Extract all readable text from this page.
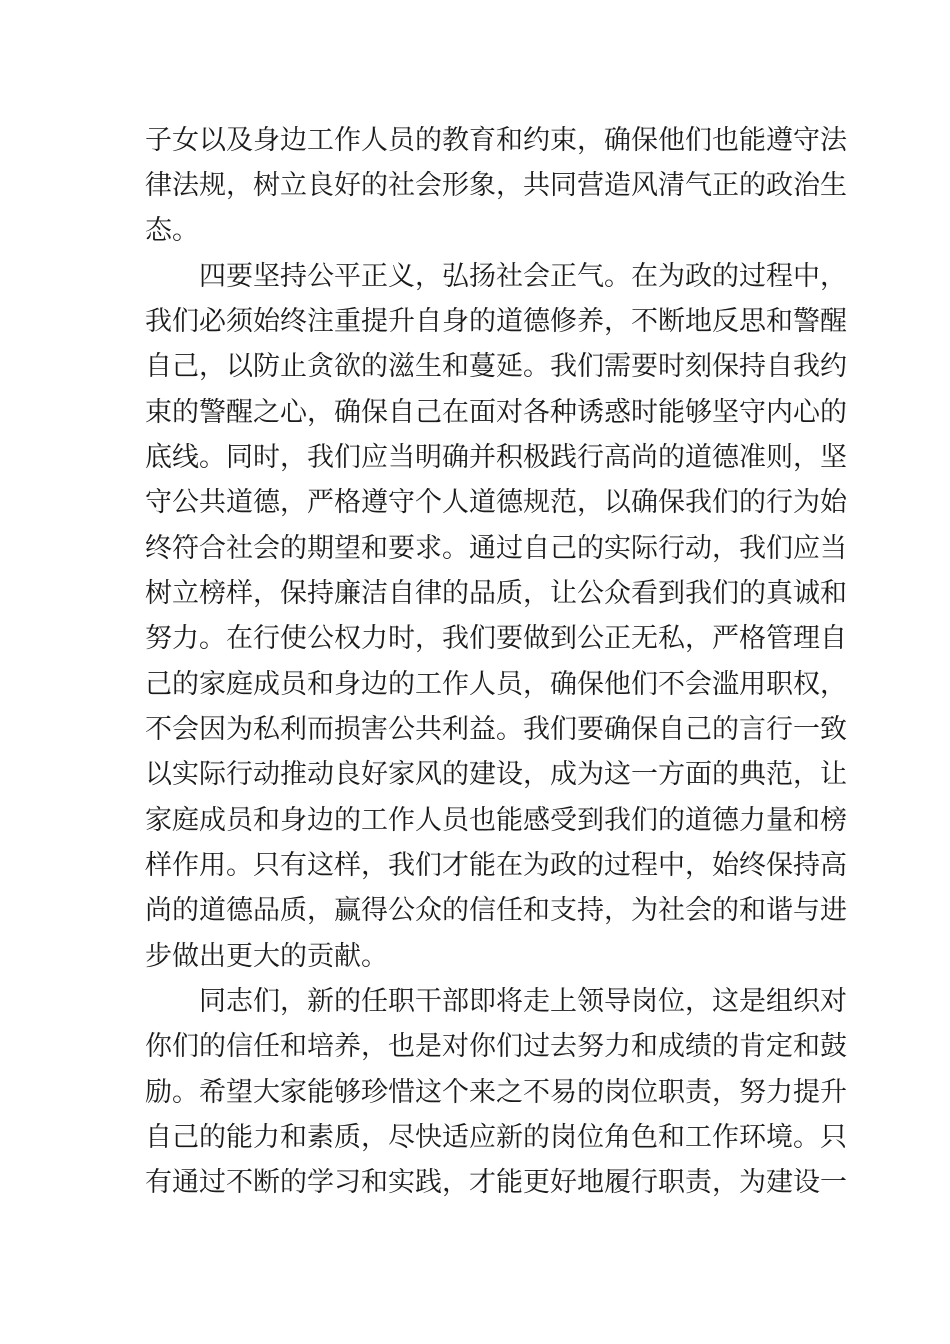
子女以及身边工作人员的教育和约束，确保他们也能遵守法

律法规，树立良好的社会形象，共同营造风清气正的政治生

态。

四要坚持公平正义，弘扬社会正气。在为政的过程中，

我们必须始终注重提升自身的道德修养，不断地反思和警醒

自己，以防止贪欲的滋生和蔓延。我们需要时刻保持自我约

束的警醒之心，确保自己在面对各种诱惑时能够坚守内心的

底线。同时，我们应当明确并积极践行高尚的道德准则，坚

守公共道德，严格遵守个人道德规范，以确保我们的行为始

终符合社会的期望和要求。通过自己的实际行动，我们应当

树立榜样，保持廉洁自律的品质，让公众看到我们的真诚和

努力。在行使公权力时，我们要做到公正无私，严格管理自

己的家庭成员和身边的工作人员，确保他们不会滥用职权，

不会因为私利而损害公共利益。我们要确保自己的言行一致

以实际行动推动良好家风的建设，成为这一方面的典范，让

家庭成员和身边的工作人员也能感受到我们的道德力量和榜

样作用。只有这样，我们才能在为政的过程中，始终保持高

尚的道德品质，赢得公众的信任和支持，为社会的和谐与进

步做出更大的贡献。

同志们，新的任职干部即将走上领导岗位，这是组织对

你们的信任和培养，也是对你们过去努力和成绩的肯定和鼓

励。希望大家能够珍惜这个来之不易的岗位职责，努力提升

自己的能力和素质，尽快适应新的岗位角色和工作环境。只

有通过不断的学习和实践，才能更好地履行职责，为建设一
